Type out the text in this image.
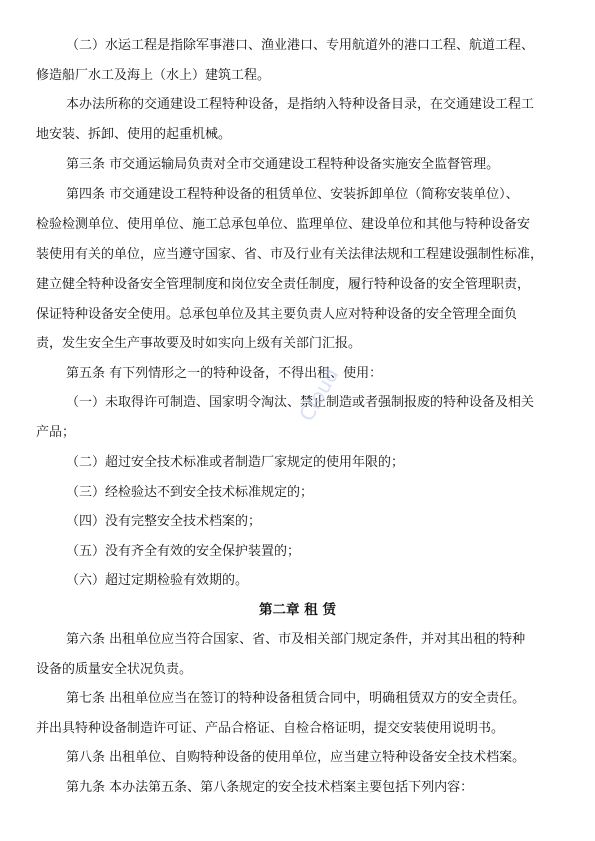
（二）水运工程是指除军事港口、渔业港口、专用航道外的港口工程、航道工程、
修造船厂水工及海上（水上）建筑工程。
本办法所称的交通建设工程特种设备，是指纳入特种设备目录，在交通建设工程工
地安装、拆卸、使用的起重机械。
第三条 市交通运输局负责对全市交通建设工程特种设备实施安全监督管理。
第四条 市交通建设工程特种设备的租赁单位、安装拆卸单位（简称安装单位）、
检验检测单位、使用单位、施工总承包单位、监理单位、建设单位和其他与特种设备安
装使用有关的单位，应当遵守国家、省、市及行业有关法律法规和工程建设强制性标准，
建立健全特种设备安全管理制度和岗位安全责任制度，履行特种设备的安全管理职责，
保证特种设备安全使用。总承包单位及其主要负责人应对特种设备的安全管理全面负
责，发生安全生产事故要及时如实向上级有关部门汇报。
第五条 有下列情形之一的特种设备，不得出租、使用：
（一）未取得许可制造、国家明令淘汰、禁止制造或者强制报废的特种设备及相关
产品；
（二）超过安全技术标准或者制造厂家规定的使用年限的；
（三）经检验达不到安全技术标准规定的；
（四）没有完整安全技术档案的；
（五）没有齐全有效的安全保护装置的；
（六）超过定期检验有效期的。
第二章 租 赁
第六条 出租单位应当符合国家、省、市及相关部门规定条件，并对其出租的特种
设备的质量安全状况负责。
第七条 出租单位应当在签订的特种设备租赁合同中，明确租赁双方的安全责任。
并出具特种设备制造许可证、产品合格证、自检合格证明，提交安装使用说明书。
第八条 出租单位、自购特种设备的使用单位，应当建立特种设备安全技术档案。
第九条 本办法第五条、第八条规定的安全技术档案主要包括下列内容：
Cloud
